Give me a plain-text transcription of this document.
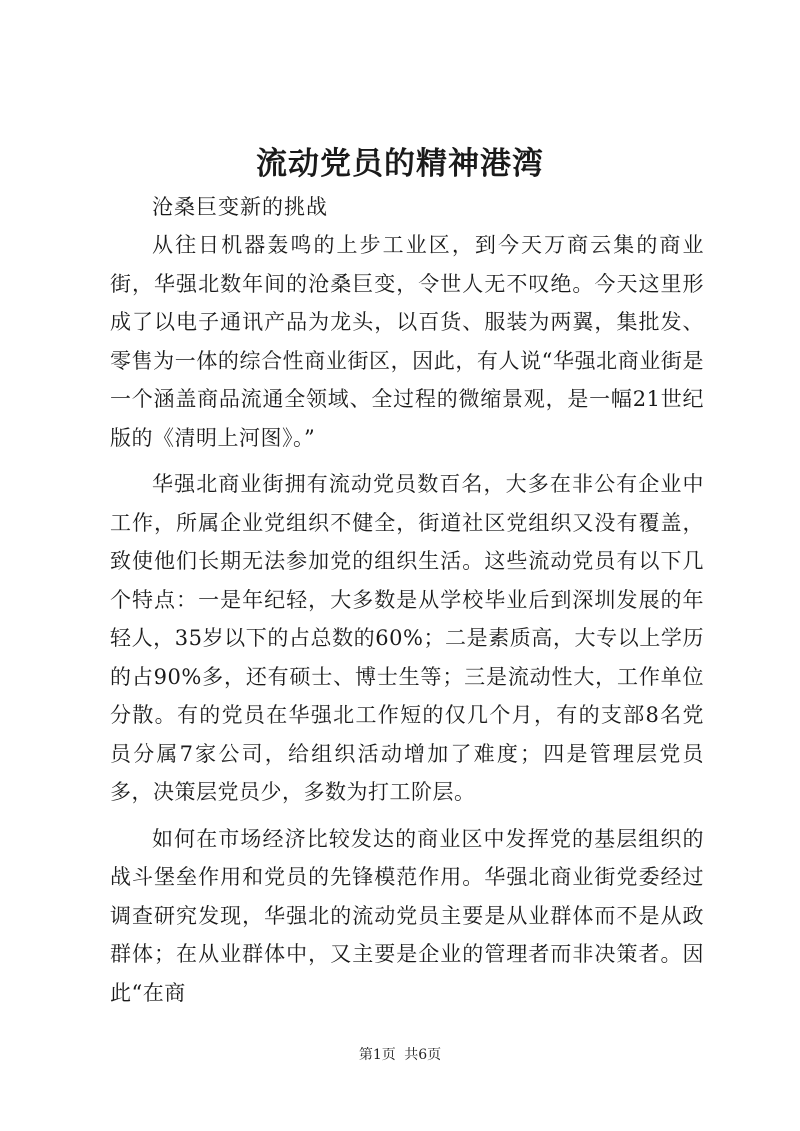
流动党员的精神港湾

沧桑巨变新的挑战

从往日机器轰鸣的上步工业区，到今天万商云集的商业街，华强北数年间的沧桑巨变，令世人无不叹绝。今天这里形成了以电子通讯产品为龙头，以百货、服装为两翼，集批发、零售为一体的综合性商业街区，因此，有人说“华强北商业街是一个涵盖商品流通全领域、全过程的微缩景观，是一幅21世纪版的《清明上河图》。”

华强北商业街拥有流动党员数百名，大多在非公有企业中工作，所属企业党组织不健全，街道社区党组织又没有覆盖，致使他们长期无法参加党的组织生活。这些流动党员有以下几个特点：一是年纪轻，大多数是从学校毕业后到深圳发展的年轻人，35岁以下的占总数的60%；二是素质高，大专以上学历的占90%多，还有硕士、博士生等；三是流动性大，工作单位分散。有的党员在华强北工作短的仅几个月，有的支部8名党员分属7家公司，给组织活动增加了难度；四是管理层党员多，决策层党员少，多数为打工阶层。

如何在市场经济比较发达的商业区中发挥党的基层组织的战斗堡垒作用和党员的先锋模范作用。华强北商业街党委经过调查研究发现，华强北的流动党员主要是从业群体而不是从政群体；在从业群体中，又主要是企业的管理者而非决策者。因此“在商

第1页 共6页
